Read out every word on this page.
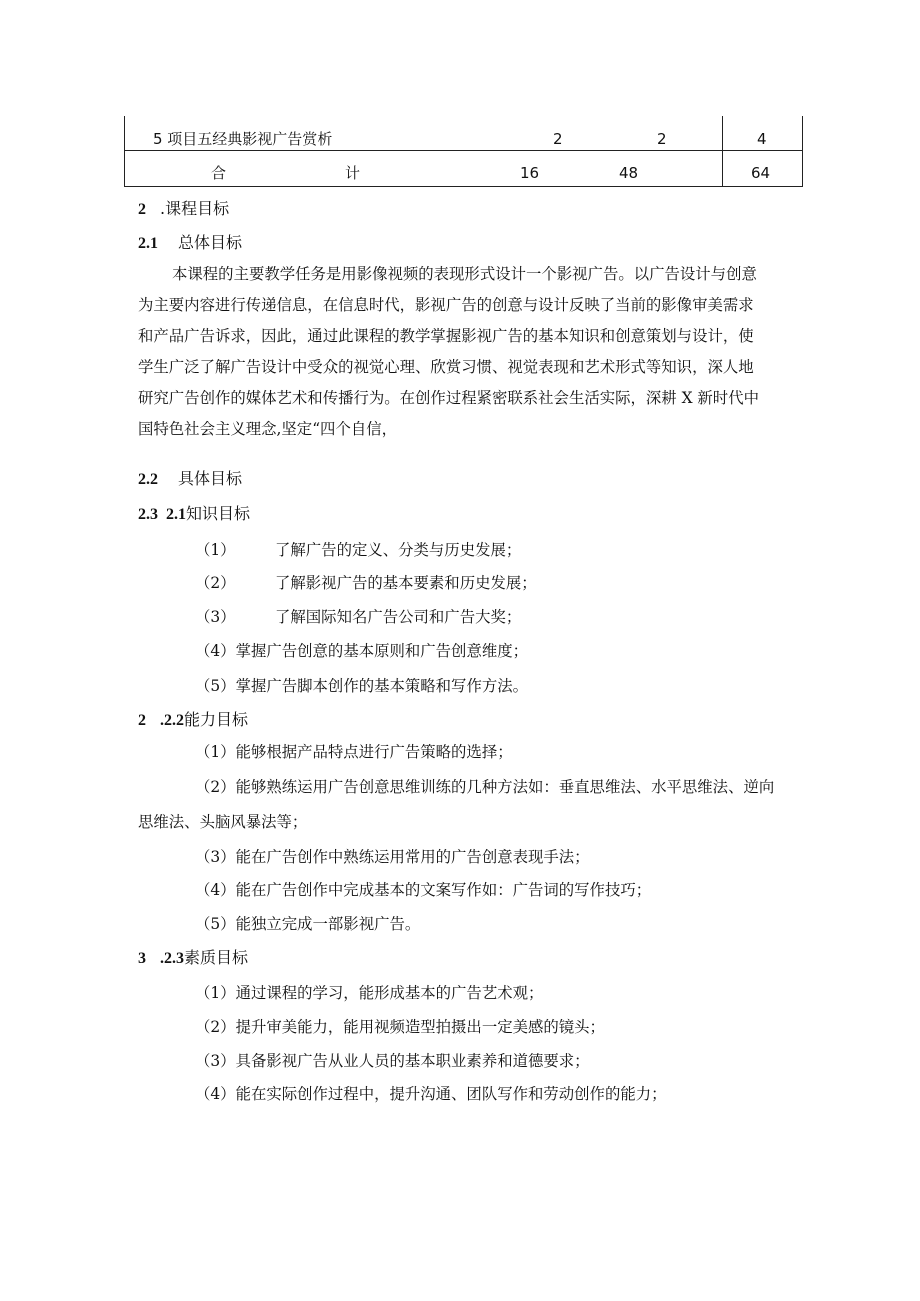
5 项目五经典影视广告赏析	2	2	4
合	计	16	48	64
2 .课程目标
2.1 总体目标
本课程的主要教学任务是用影像视频的表现形式设计一个影视广告。以广告设计与创意
为主要内容进行传递信息，在信息时代，影视广告的创意与设计反映了当前的影像审美需求
和产品广告诉求，因此，通过此课程的教学掌握影视广告的基本知识和创意策划与设计，使
学生广泛了解广告设计中受众的视觉心理、欣赏习惯、视觉表现和艺术形式等知识，深人地
研究广告创作的媒体艺术和传播行为。在创作过程紧密联系社会生活实际，深耕 X 新时代中
国特色社会主义理念,坚定“四个自信，
2.2 具体目标
2.3 2.1知识目标
（1）	了解广告的定义、分类与历史发展；
（2）	了解影视广告的基本要素和历史发展；
（3）	了解国际知名广告公司和广告大奖；
（4）掌握广告创意的基本原则和广告创意维度；
（5）掌握广告脚本创作的基本策略和写作方法。
2 .2.2能力目标
（1）能够根据产品特点进行广告策略的选择；
（2）能够熟练运用广告创意思维训练的几种方法如：垂直思维法、水平思维法、逆向
思维法、头脑风暴法等；
（3）能在广告创作中熟练运用常用的广告创意表现手法；
（4）能在广告创作中完成基本的文案写作如：广告词的写作技巧；
（5）能独立完成一部影视广告。
3 .2.3素质目标
（1）通过课程的学习，能形成基本的广告艺术观；
（2）提升审美能力，能用视频造型拍摄出一定美感的镜头；
（3）具备影视广告从业人员的基本职业素养和道德要求；
（4）能在实际创作过程中，提升沟通、团队写作和劳动创作的能力；
